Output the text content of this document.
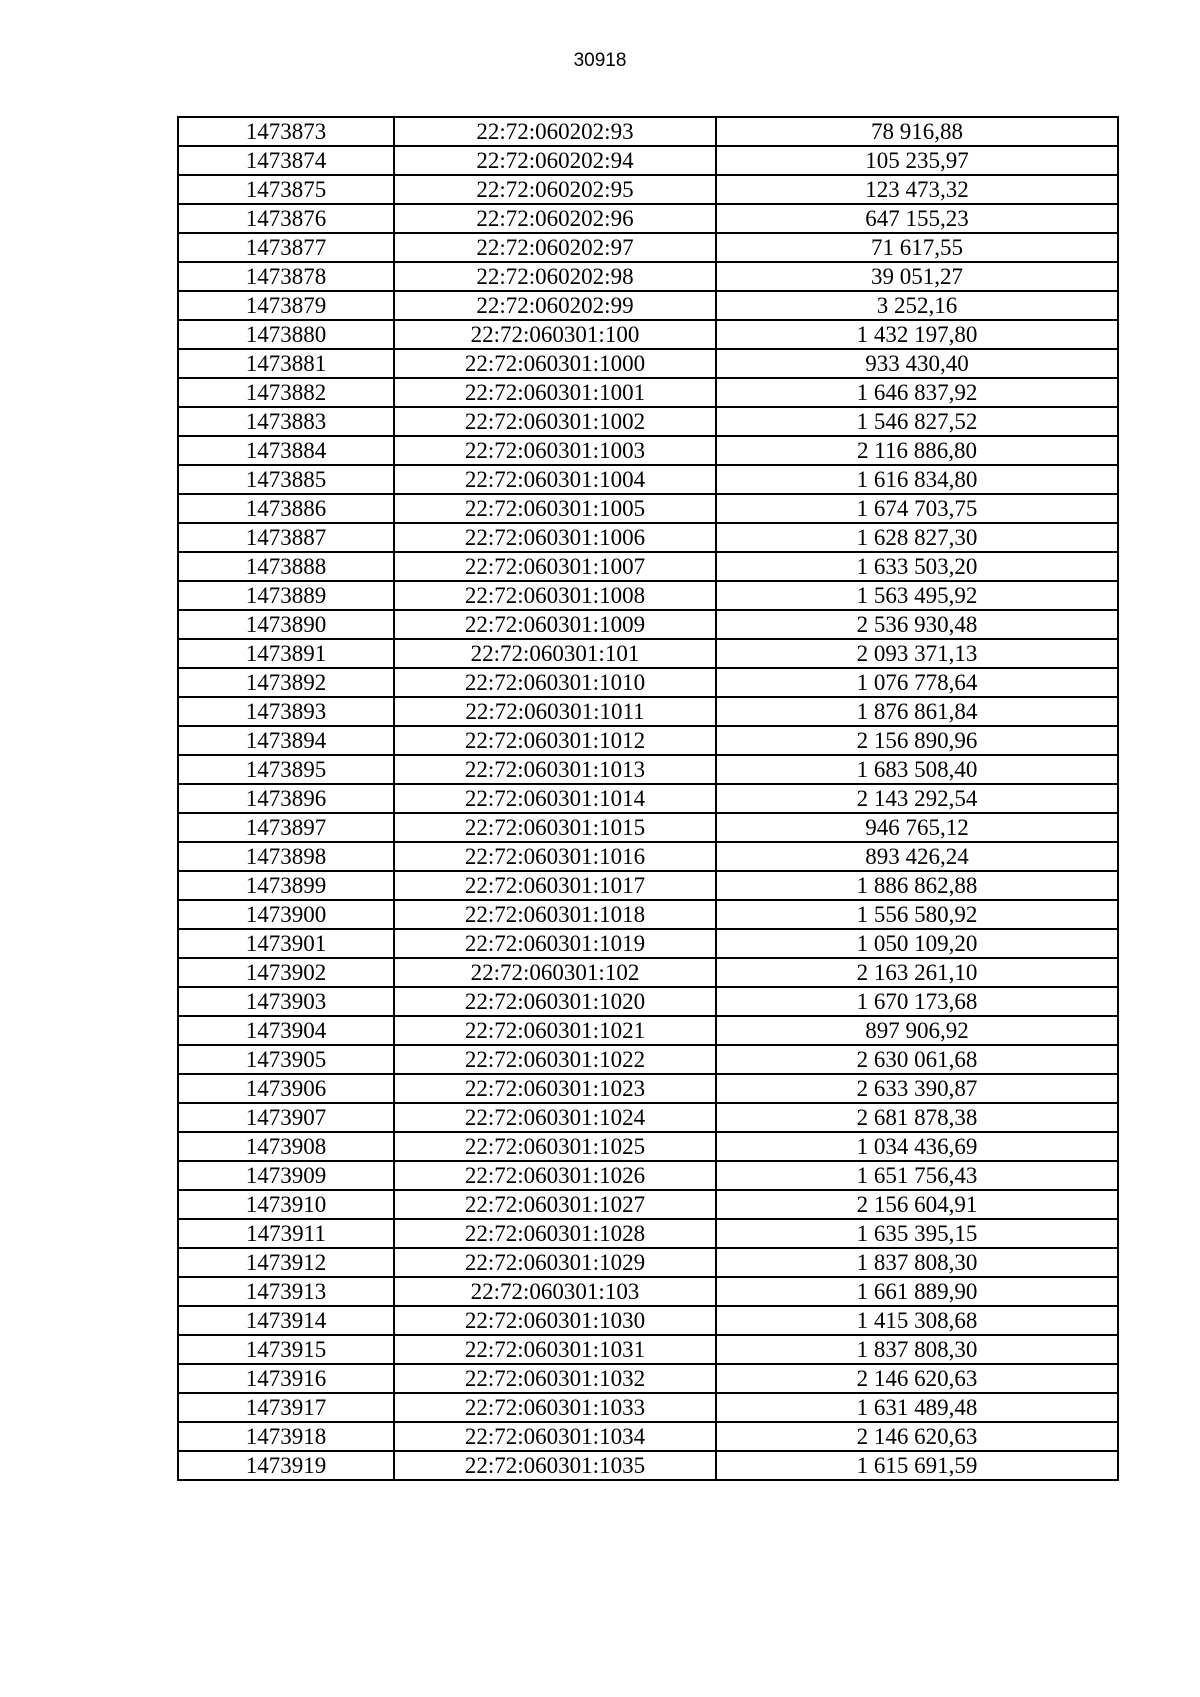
30918
1473873	22:72:060202:93	78 916,88
1473874	22:72:060202:94	105 235,97
1473875	22:72:060202:95	123 473,32
1473876	22:72:060202:96	647 155,23
1473877	22:72:060202:97	71 617,55
1473878	22:72:060202:98	39 051,27
1473879	22:72:060202:99	3 252,16
1473880	22:72:060301:100	1 432 197,80
1473881	22:72:060301:1000	933 430,40
1473882	22:72:060301:1001	1 646 837,92
1473883	22:72:060301:1002	1 546 827,52
1473884	22:72:060301:1003	2 116 886,80
1473885	22:72:060301:1004	1 616 834,80
1473886	22:72:060301:1005	1 674 703,75
1473887	22:72:060301:1006	1 628 827,30
1473888	22:72:060301:1007	1 633 503,20
1473889	22:72:060301:1008	1 563 495,92
1473890	22:72:060301:1009	2 536 930,48
1473891	22:72:060301:101	2 093 371,13
1473892	22:72:060301:1010	1 076 778,64
1473893	22:72:060301:1011	1 876 861,84
1473894	22:72:060301:1012	2 156 890,96
1473895	22:72:060301:1013	1 683 508,40
1473896	22:72:060301:1014	2 143 292,54
1473897	22:72:060301:1015	946 765,12
1473898	22:72:060301:1016	893 426,24
1473899	22:72:060301:1017	1 886 862,88
1473900	22:72:060301:1018	1 556 580,92
1473901	22:72:060301:1019	1 050 109,20
1473902	22:72:060301:102	2 163 261,10
1473903	22:72:060301:1020	1 670 173,68
1473904	22:72:060301:1021	897 906,92
1473905	22:72:060301:1022	2 630 061,68
1473906	22:72:060301:1023	2 633 390,87
1473907	22:72:060301:1024	2 681 878,38
1473908	22:72:060301:1025	1 034 436,69
1473909	22:72:060301:1026	1 651 756,43
1473910	22:72:060301:1027	2 156 604,91
1473911	22:72:060301:1028	1 635 395,15
1473912	22:72:060301:1029	1 837 808,30
1473913	22:72:060301:103	1 661 889,90
1473914	22:72:060301:1030	1 415 308,68
1473915	22:72:060301:1031	1 837 808,30
1473916	22:72:060301:1032	2 146 620,63
1473917	22:72:060301:1033	1 631 489,48
1473918	22:72:060301:1034	2 146 620,63
1473919	22:72:060301:1035	1 615 691,59
